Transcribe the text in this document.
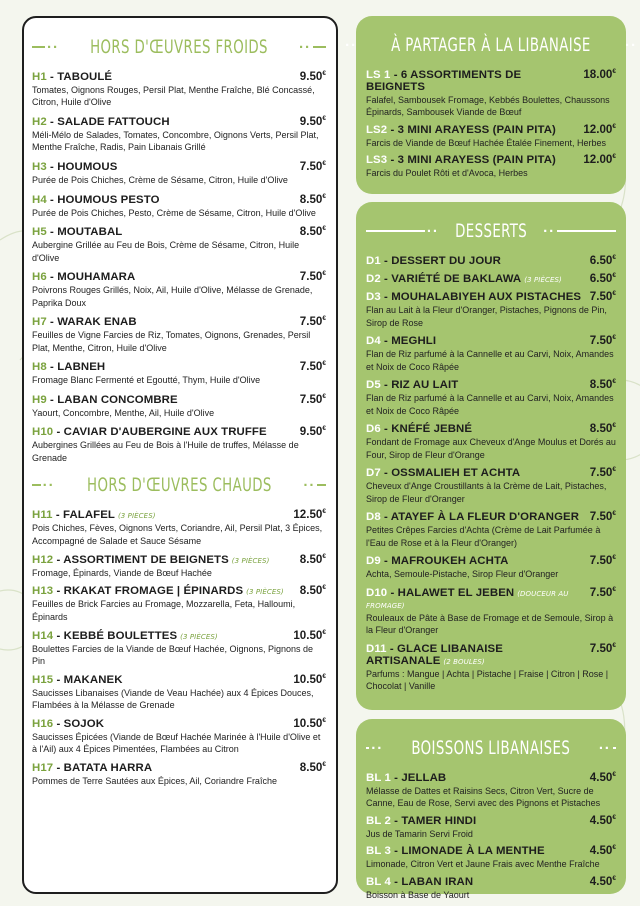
·· HORS D'ŒUVRES FROIDS ··
H1 - TABOULÉ	9.50€
Tomates, Oignons Rouges, Persil Plat, Menthe Fraîche, Blé Concassé, Citron, Huile d'Olive
H2 - SALADE FATTOUCH	9.50€
Méli-Mélo de Salades, Tomates, Concombre, Oignons Verts, Persil Plat, Menthe Fraîche, Radis, Pain Libanais Grillé
H3 - HOUMOUS	7.50€
Purée de Pois Chiches, Crème de Sésame, Citron, Huile d'Olive
H4 - HOUMOUS PESTO	8.50€
Purée de Pois Chiches, Pesto, Crème de Sésame, Citron, Huile d'Olive
H5 - MOUTABAL	8.50€
Aubergine Grillée au Feu de Bois, Crème de Sésame, Citron, Huile d'Olive
H6 - MOUHAMARA	7.50€
Poivrons Rouges Grillés, Noix, Ail, Huile d'Olive, Mélasse de Grenade, Paprika Doux
H7 - WARAK ENAB	7.50€
Feuilles de Vigne Farcies de Riz, Tomates, Oignons, Grenades, Persil Plat, Menthe, Citron, Huile d'Olive
H8 - LABNEH	7.50€
Fromage Blanc Fermenté et Egoutté, Thym, Huile d'Olive
H9 - LABAN CONCOMBRE	7.50€
Yaourt, Concombre, Menthe, Ail, Huile d'Olive
H10 - CAVIAR D'AUBERGINE AUX TRUFFE	9.50€
Aubergines Grillées au Feu de Bois à l'Huile de truffes, Mélasse de Grenade
·· HORS D'ŒUVRES CHAUDS ··
H11 - FALAFEL (3 PIÈCES)	12.50€
Pois Chiches, Fèves, Oignons Verts, Coriandre, Ail, Persil Plat, 3 Épices, Accompagné de Salade et Sauce Sésame
H12 - ASSORTIMENT DE BEIGNETS (3 PIÈCES)	8.50€
Fromage, Épinards, Viande de Bœuf Hachée
H13 - RKAKAT FROMAGE | ÉPINARDS (3 PIÈCES) 8.50€
Feuilles de Brick Farcies au Fromage, Mozzarella, Feta, Halloumi, Épinards
H14 - KEBBÉ BOULETTES (3 PIÈCES)	10.50€
Boulettes Farcies de la Viande de Bœuf Hachée, Oignons, Pignons de Pin
H15 - MAKANEK	10.50€
Saucisses Libanaises (Viande de Veau Hachée) aux 4 Épices Douces, Flambées à la Mélasse de Grenade
H16 - SOJOK	10.50€
Saucisses Épicées (Viande de Bœuf Hachée Marinée à l'Huile d'Olive et à l'Ail) aux 4 Épices Pimentées, Flambées au Citron
H17 - BATATA HARRA	8.50€
Pommes de Terre Sautées aux Épices, Ail, Coriandre Fraîche
·· À PARTAGER À LA LIBANAISE ··
LS 1 - 6 ASSORTIMENTS DE BEIGNETS
18.00€
Falafel, Sambousek Fromage, Kebbés Boulettes, Chaussons Épinards, Sambousek Viande de Bœuf
LS2 - 3 MINI ARAYESS (PAIN PITA) 12.00€
Farcis de Viande de Bœuf Hachée Étalée Finement, Herbes
LS3 - 3 MINI ARAYESS (PAIN PITA) 12.00€
Farcis du Poulet Rôti et d'Avoca, Herbes
·· DESSERTS ··
D1 - DESSERT DU JOUR	6.50€
D2 - VARIÉTÉ DE BAKLAWA (3 PIÈCES) 6.50€
D3 - MOUHALABIYEH AUX PISTACHES 7.50€
Flan au Lait à la Fleur d'Oranger, Pistaches, Pignons de Pin, Sirop de Rose
D4 - MEGHLI	7.50€
Flan de Riz parfumé à la Cannelle et au Carvi, Noix, Amandes et Noix de Coco Râpée
D5 - RIZ AU LAIT	8.50€
Flan de Riz parfumé à la Cannelle et au Carvi, Noix, Amandes et Noix de Coco Râpée
D6 - KNÉFÉ JEBNÉ	8.50€
Fondant de Fromage aux Cheveux d'Ange Moulus et Dorés au Four, Sirop de Fleur d'Orange
D7 - OSSMALIEH ET ACHTA	7.50€
Cheveux d'Ange Croustillants à la Crème de Lait, Pistaches, Sirop de Fleur d'Oranger
D8 - ATAYEF À LA FLEUR D'ORANGER 7.50€
Petites Crêpes Farcies d'Achta (Crème de Lait Parfumée à l'Eau de Rose et à la Fleur d'Oranger)
D9 - MAFROUKEH ACHTA	7.50€
Achta, Semoule-Pistache, Sirop Fleur d'Oranger
D10 - HALAWET EL JEBEN (DOUCEUR AU FROMAGE)
7.50€
Rouleaux de Pâte à Base de Fromage et de Semoule, Sirop à la Fleur d'Oranger
D11 - GLACE LIBANAISE ARTISANALE (2 BOULES)
7.50€
Parfums : Mangue | Achta | Pistache | Fraise | Citron | Rose | Chocolat | Vanille
·· BOISSONS LIBANAISES ··
BL 1 - JELLAB	4.50€
Mélasse de Dattes et Raisins Secs, Citron Vert, Sucre de Canne, Eau de Rose, Servi avec des Pignons et Pistaches
BL 2 - TAMER HINDI	4.50€
Jus de Tamarin Servi Froid
BL 3 - LIMONADE À LA MENTHE	4.50€
Limonade, Citron Vert et Jaune Frais avec Menthe Fraîche
BL 4 - LABAN IRAN	4.50€
Boisson à Base de Yaourt
